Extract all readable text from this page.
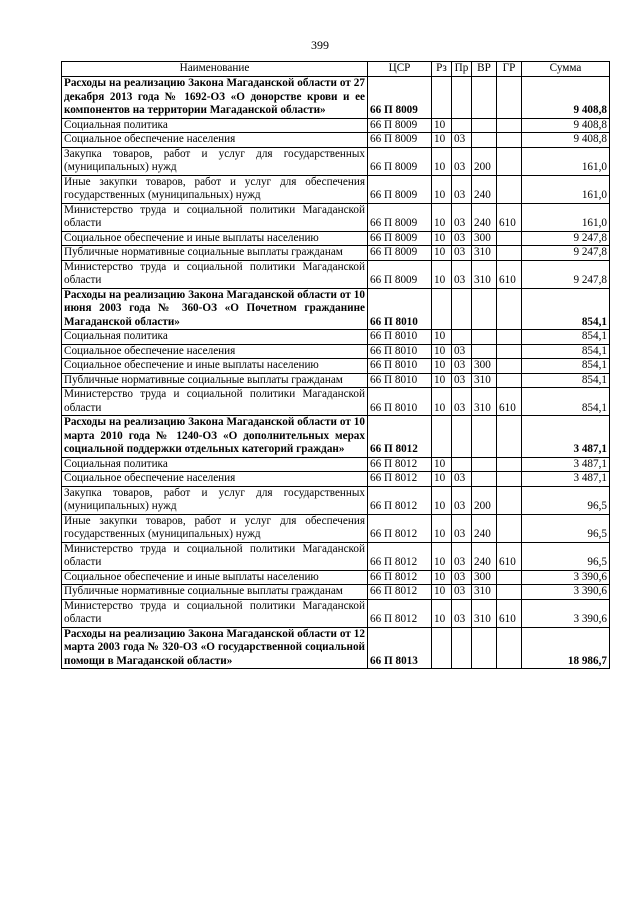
399
Наименование	ЦСР	Рз	Пр	ВР	ГР	Сумма
Расходы на реализацию Закона Магаданской области от 27 декабря 2013 года № 1692-ОЗ «О донорстве крови и ее компонентов на территории Магаданской области»	66 П 8009					9 408,8
Социальная политика	66 П 8009	10				9 408,8
Социальное обеспечение населения	66 П 8009	10	03			9 408,8
Закупка товаров, работ и услуг для государственных (муниципальных) нужд	66 П 8009	10	03	200		161,0
Иные закупки товаров, работ и услуг для обеспечения государственных (муниципальных) нужд	66 П 8009	10	03	240		161,0
Министерство труда и социальной политики Магаданской области	66 П 8009	10	03	240	610	161,0
Социальное обеспечение и иные выплаты населению	66 П 8009	10	03	300		9 247,8
Публичные нормативные социальные выплаты гражданам	66 П 8009	10	03	310		9 247,8
Министерство труда и социальной политики Магаданской области	66 П 8009	10	03	310	610	9 247,8
Расходы на реализацию Закона Магаданской области от 10 июня 2003 года № 360-ОЗ «О Почетном гражданине Магаданской области»	66 П 8010					854,1
Социальная политика	66 П 8010	10				854,1
Социальное обеспечение населения	66 П 8010	10	03			854,1
Социальное обеспечение и иные выплаты населению	66 П 8010	10	03	300		854,1
Публичные нормативные социальные выплаты гражданам	66 П 8010	10	03	310		854,1
Министерство труда и социальной политики Магаданской области	66 П 8010	10	03	310	610	854,1
Расходы на реализацию Закона Магаданской области от 10 марта 2010 года № 1240-ОЗ «О дополнительных мерах социальной поддержки отдельных категорий граждан»	66 П 8012					3 487,1
Социальная политика	66 П 8012	10				3 487,1
Социальное обеспечение населения	66 П 8012	10	03			3 487,1
Закупка товаров, работ и услуг для государственных (муниципальных) нужд	66 П 8012	10	03	200		96,5
Иные закупки товаров, работ и услуг для обеспечения государственных (муниципальных) нужд	66 П 8012	10	03	240		96,5
Министерство труда и социальной политики Магаданской области	66 П 8012	10	03	240	610	96,5
Социальное обеспечение и иные выплаты населению	66 П 8012	10	03	300		3 390,6
Публичные нормативные социальные выплаты гражданам	66 П 8012	10	03	310		3 390,6
Министерство труда и социальной политики Магаданской области	66 П 8012	10	03	310	610	3 390,6
Расходы на реализацию Закона Магаданской области от 12 марта 2003 года № 320-ОЗ «О государственной социальной помощи в Магаданской области»	66 П 8013					18 986,7
